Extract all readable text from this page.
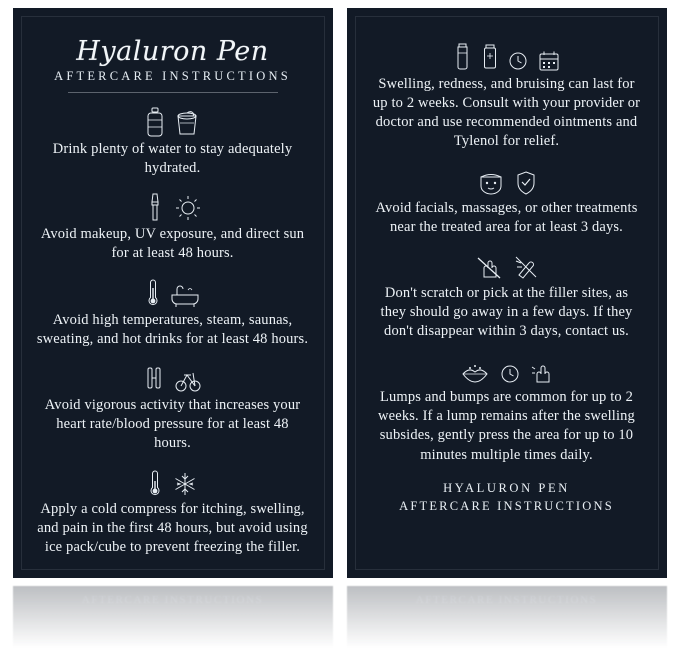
Hyaluron Pen
AFTERCARE INSTRUCTIONS
Drink plenty of water to stay adequately hydrated.
Avoid makeup, UV exposure, and direct sun for at least 48 hours.
Avoid high temperatures, steam, saunas, sweating, and hot drinks for at least 48 hours.
Avoid vigorous activity that increases your heart rate/blood pressure for at least 48 hours.
Apply a cold compress for itching, swelling, and pain in the first 48 hours, but avoid using ice pack/cube to prevent freezing the filler.
AFTERCARE INSTRUCTIONS
Swelling, redness, and bruising can last for up to 2 weeks. Consult with your provider or doctor and use recommended ointments and Tylenol for relief.
Avoid facials, massages, or other treatments near the treated area for at least 3 days.
Don't scratch or pick at the filler sites, as they should go away in a few days. If they don't disappear within 3 days, contact us.
Lumps and bumps are common for up to 2 weeks. If a lump remains after the swelling subsides, gently press the area for up to 10 minutes multiple times daily.
HYALURON PEN
AFTERCARE INSTRUCTIONS
AFTERCARE INSTRUCTIONS
